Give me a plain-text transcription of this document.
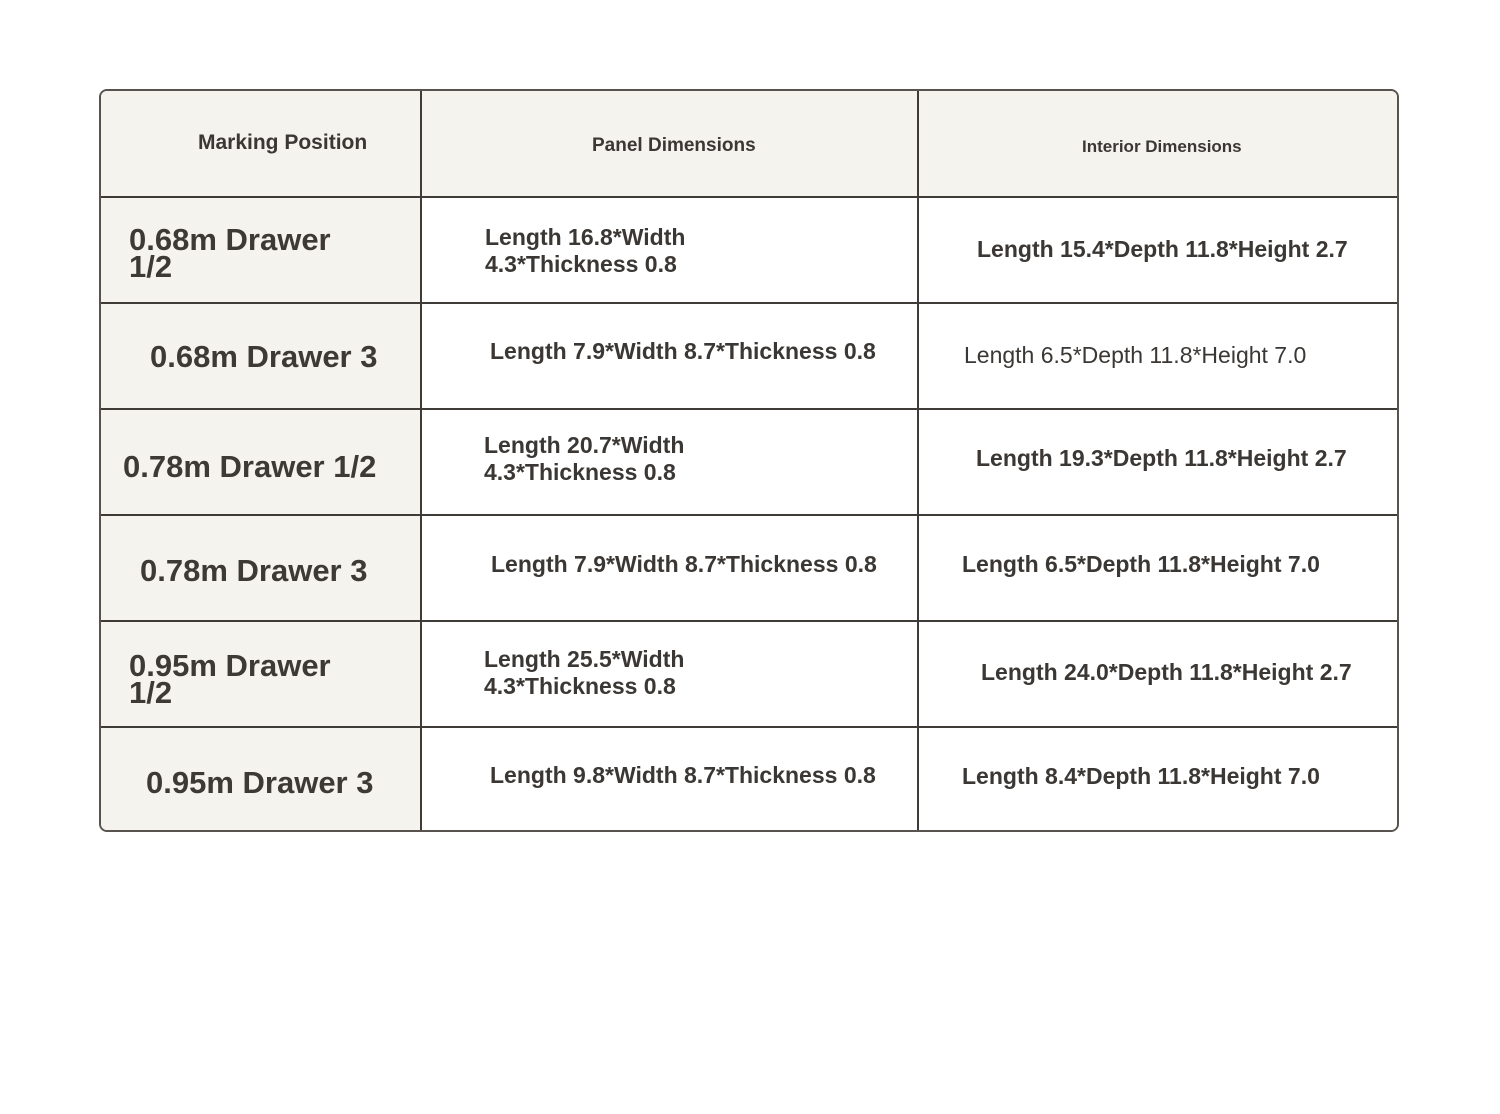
Marking Position	Panel Dimensions	Interior Dimensions

0.68m Drawer 1/2	Length 16.8*Width 4.3*Thickness 0.8	Length 15.4*Depth 11.8*Height 2.7

0.68m Drawer 3	Length 7.9*Width 8.7*Thickness 0.8	Length 6.5*Depth 11.8*Height 7.0

0.78m Drawer 1/2	Length 20.7*Width 4.3*Thickness 0.8	Length 19.3*Depth 11.8*Height 2.7

0.78m Drawer 3	Length 7.9*Width 8.7*Thickness 0.8	Length 6.5*Depth 11.8*Height 7.0

0.95m Drawer 1/2	Length 25.5*Width 4.3*Thickness 0.8	Length 24.0*Depth 11.8*Height 2.7

0.95m Drawer 3	Length 9.8*Width 8.7*Thickness 0.8	Length 8.4*Depth 11.8*Height 7.0
